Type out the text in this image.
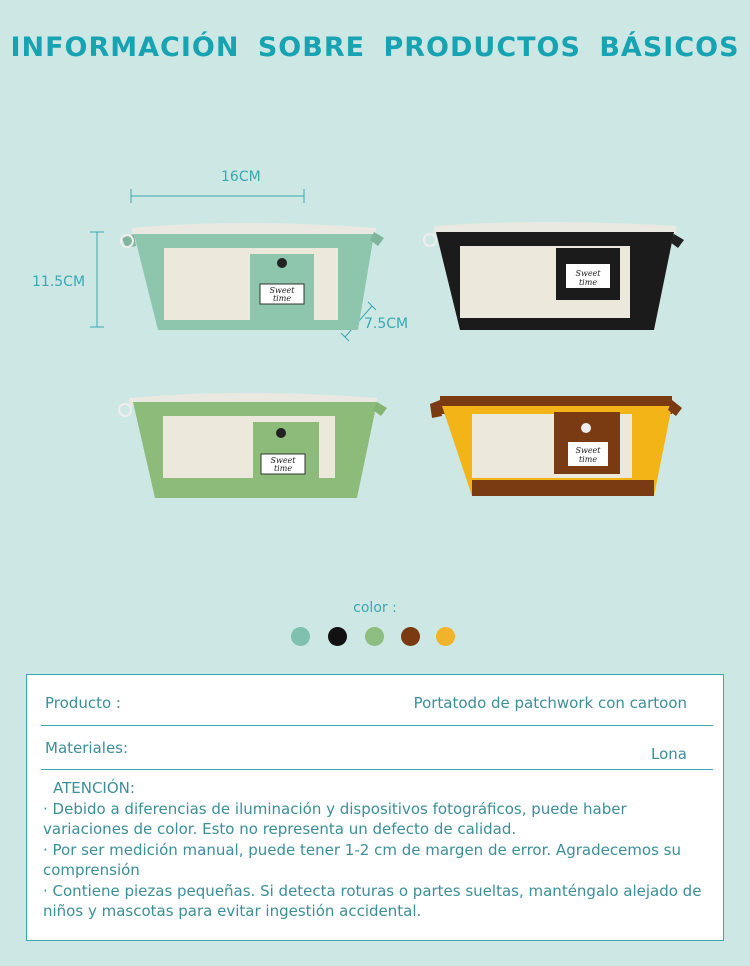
INFORMACIÓN SOBRE PRODUCTOS BÁSICOS
16CM
11.5CM
7.5CM
Sweet
time
Sweet
time
Sweet
time
Sweet
time
color :
Producto :	Portatodo de patchwork con cartoon
Materiales:	Lona

ATENCIÓN:

· Debido a diferencias de iluminación y dispositivos fotográficos, puede haber variaciones de color. Esto no representa un defecto de calidad.

· Por ser medición manual, puede tener 1-2 cm de margen de error. Agradecemos su comprensión

· Contiene piezas pequeñas. Si detecta roturas o partes sueltas, manténgalo alejado de niños y mascotas para evitar ingestión accidental.
